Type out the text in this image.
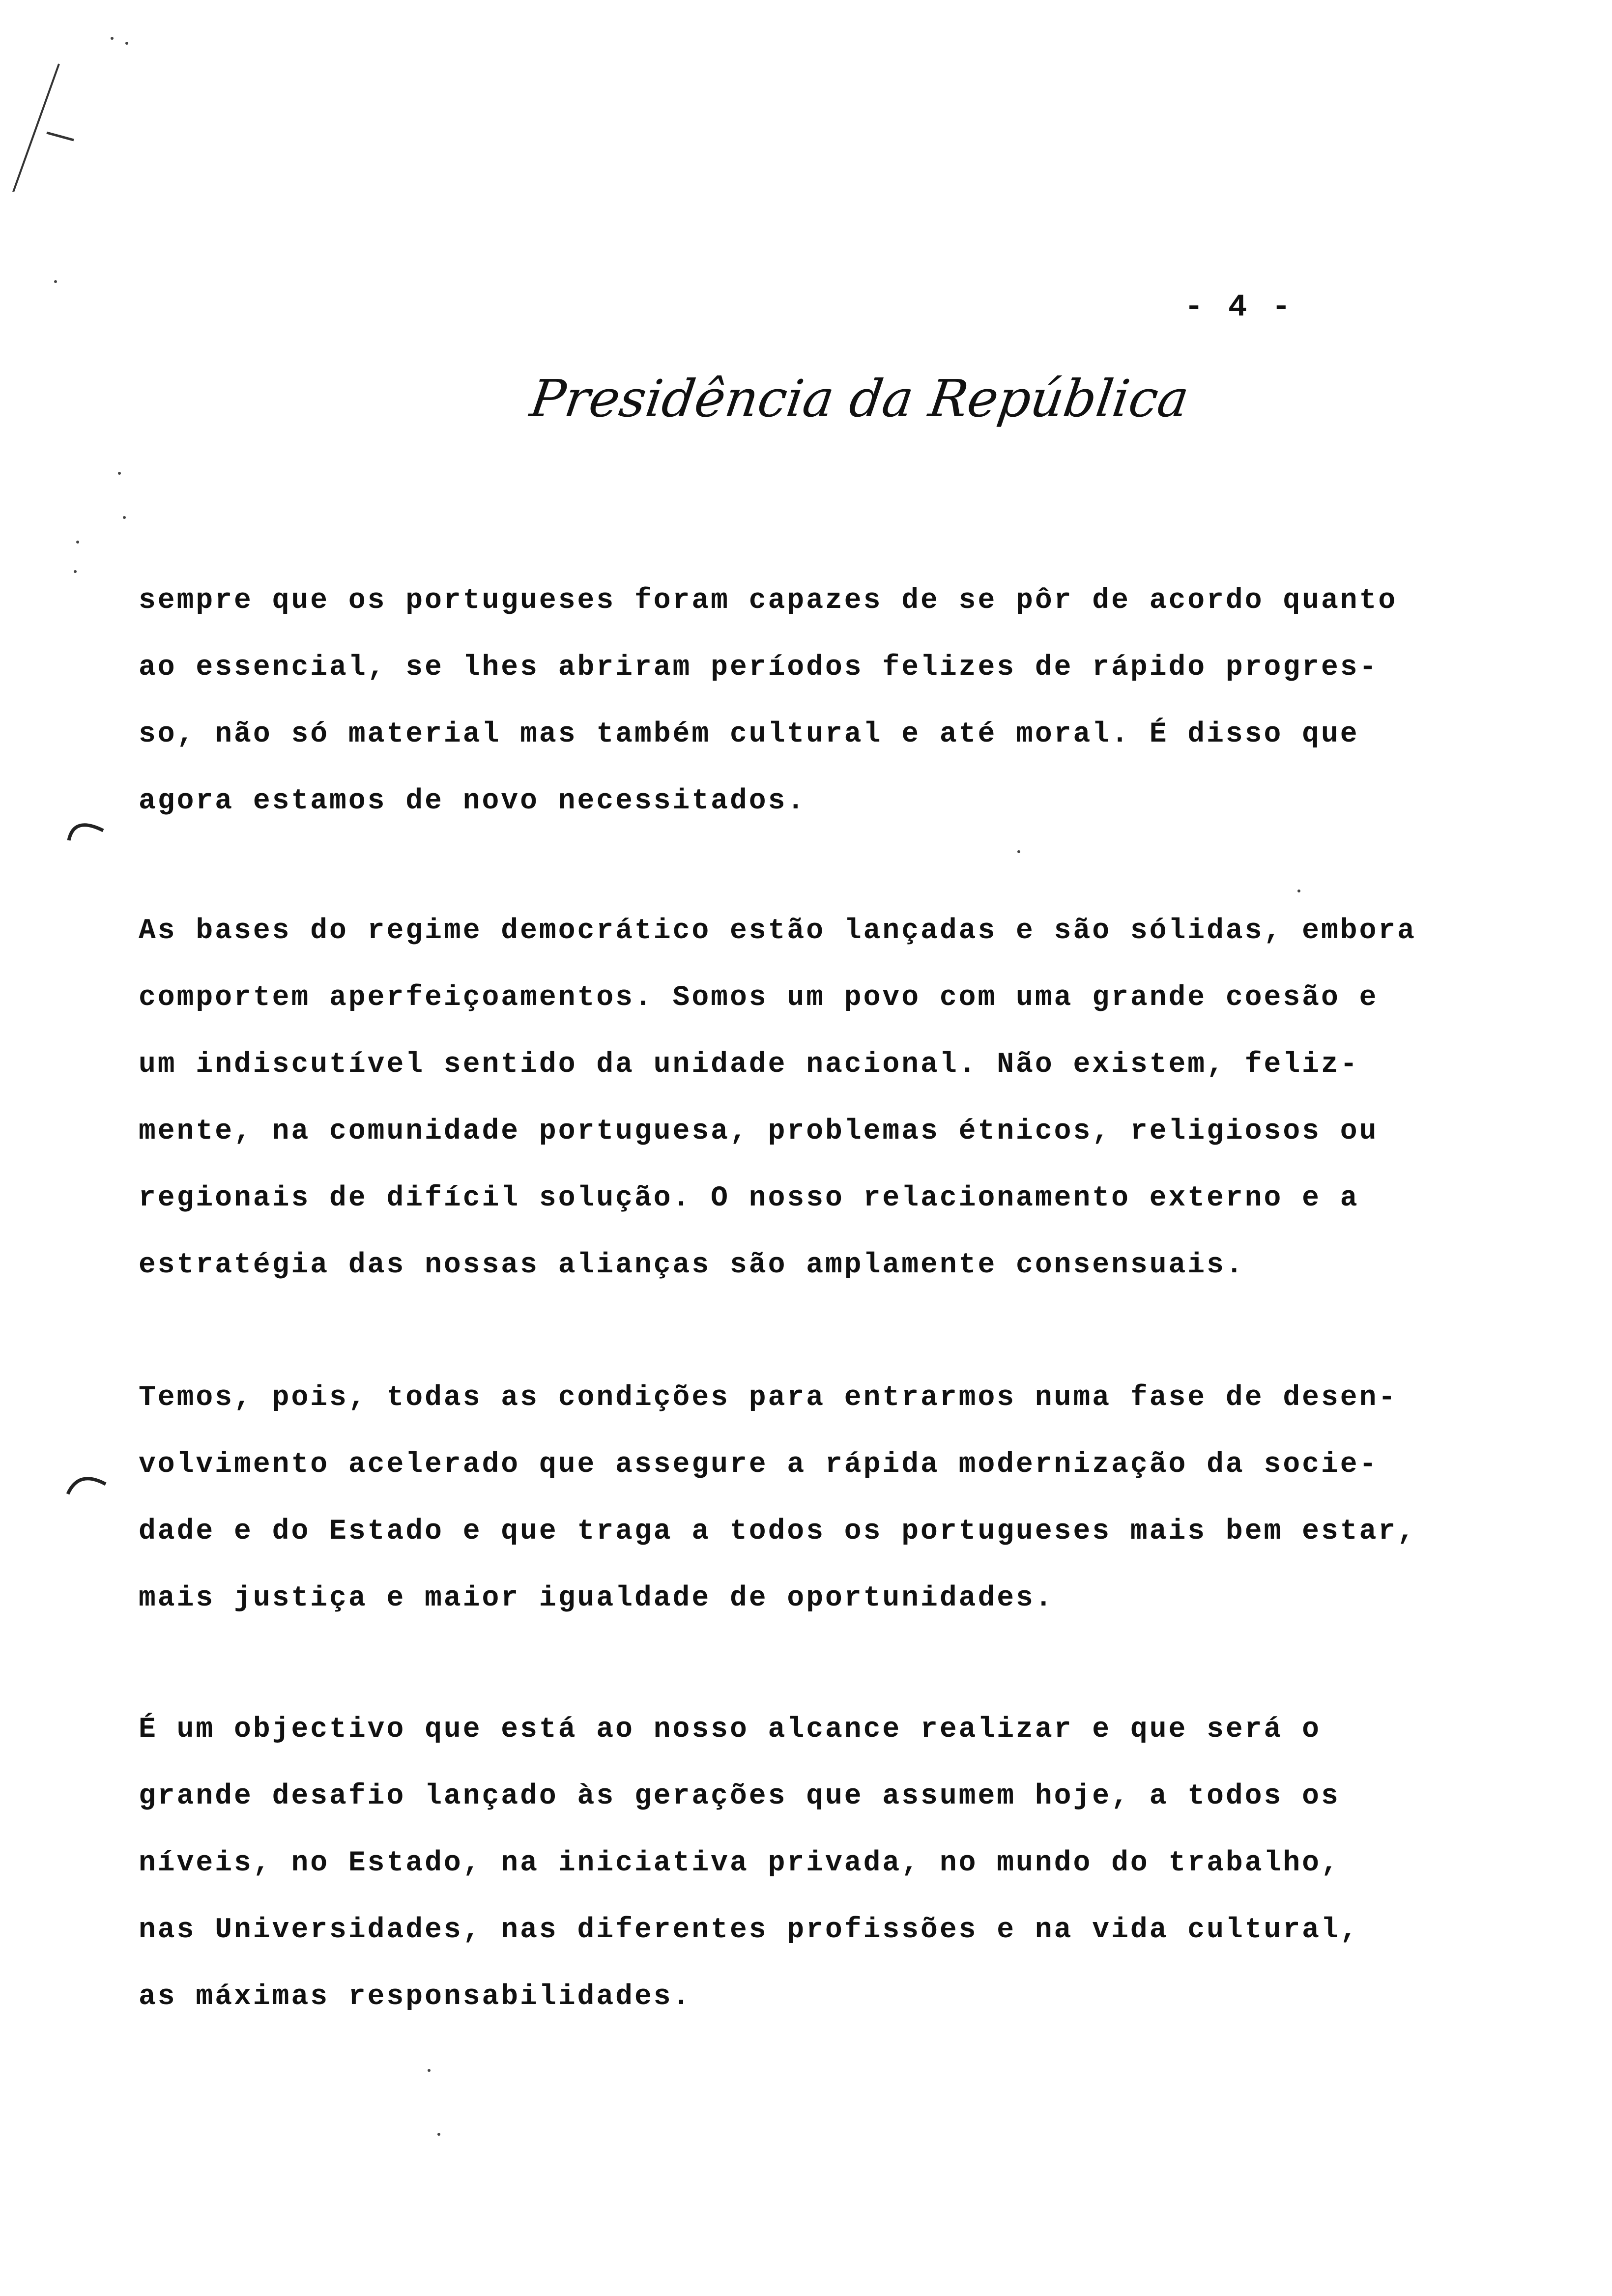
- 4 -
Presidência da República
sempre que os portugueses foram capazes de se pôr de acordo quanto
ao essencial, se lhes abriram períodos felizes de rápido progres-
so, não só material mas também cultural e até moral. É disso que
agora estamos de novo necessitados.
As bases do regime democrático estão lançadas e são sólidas, embora
comportem aperfeiçoamentos. Somos um povo com uma grande coesão e
um indiscutível sentido da unidade nacional. Não existem, feliz-
mente, na comunidade portuguesa, problemas étnicos, religiosos ou
regionais de difícil solução. O nosso relacionamento externo e a
estratégia das nossas alianças são amplamente consensuais.
Temos, pois, todas as condições para entrarmos numa fase de desen-
volvimento acelerado que assegure a rápida modernização da socie-
dade e do Estado e que traga a todos os portugueses mais bem estar,
mais justiça e maior igualdade de oportunidades.
É um objectivo que está ao nosso alcance realizar e que será o
grande desafio lançado às gerações que assumem hoje, a todos os
níveis, no Estado, na iniciativa privada, no mundo do trabalho,
nas Universidades, nas diferentes profissões e na vida cultural,
as máximas responsabilidades.
